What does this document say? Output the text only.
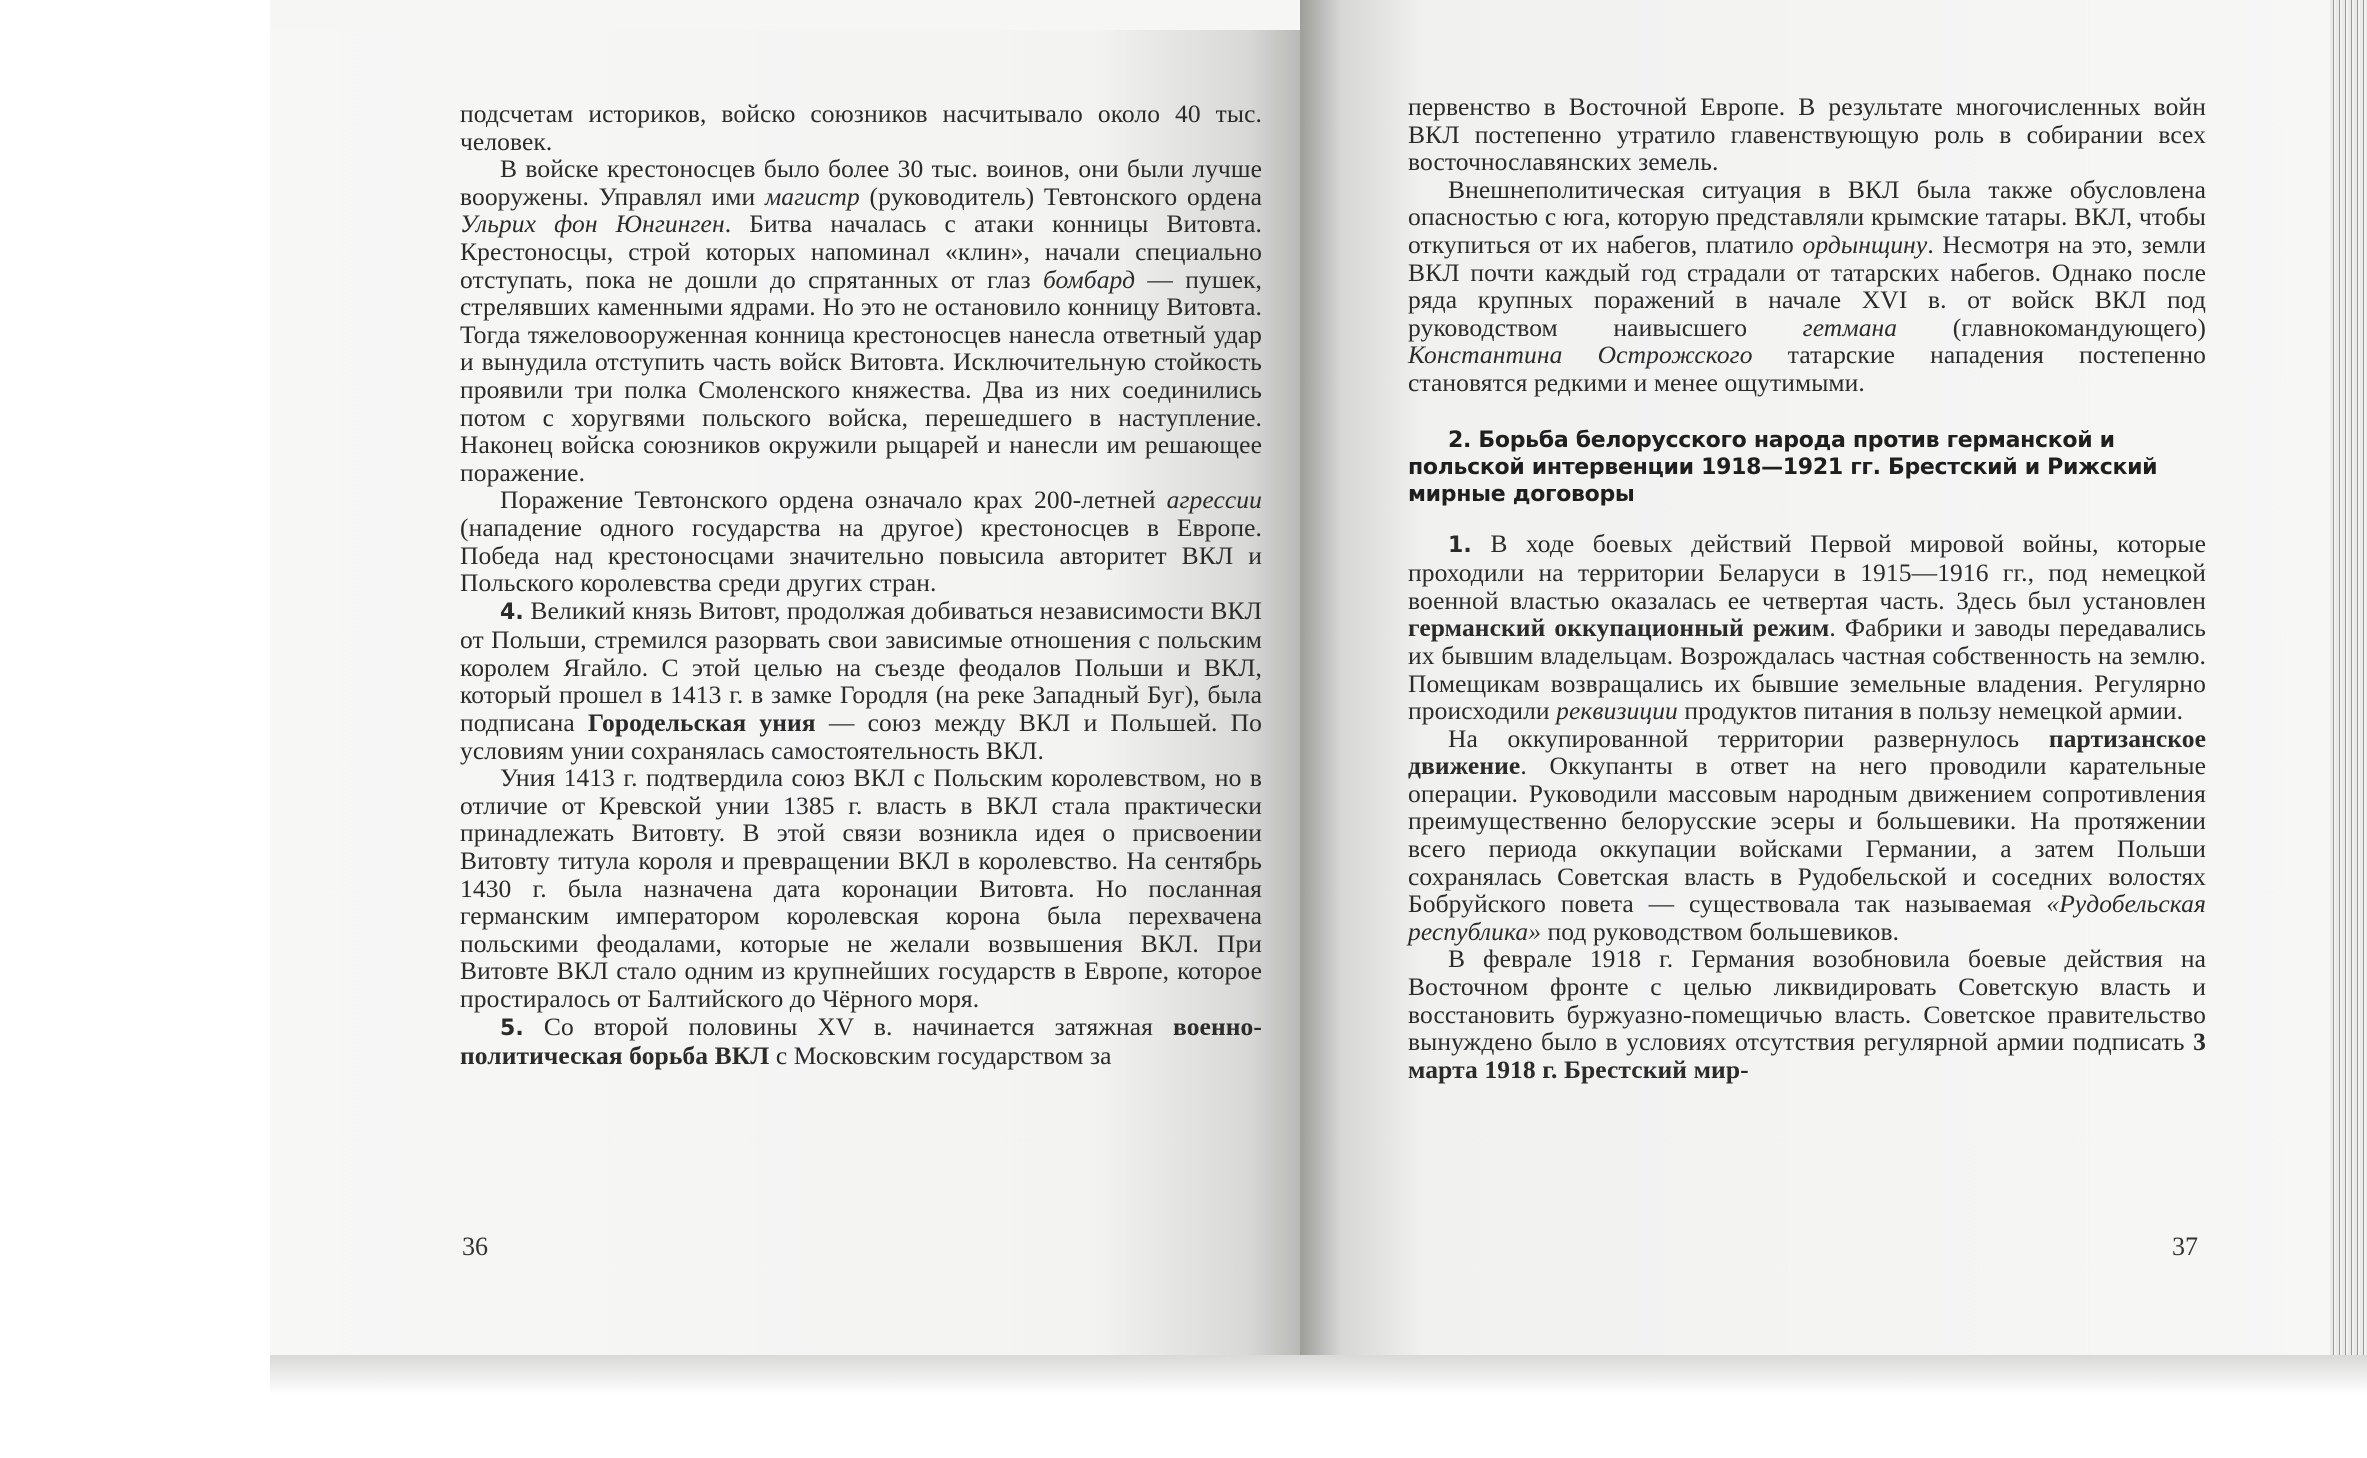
подсчетам историков, войско союзников насчитывало около 40 тыс. человек.

В войске крестоносцев было более 30 тыс. воинов, они были лучше вооружены. Управлял ими магистр (руководитель) Тевтонского ордена Ульрих фон Юнгинген. Битва началась с атаки конницы Витовта. Крестоносцы, строй которых напоминал «клин», начали специально отступать, пока не дошли до спрятанных от глаз бомбард — пушек, стрелявших каменными ядрами. Но это не остановило конницу Витовта. Тогда тяжеловооруженная конница крестоносцев нанесла ответный удар и вынудила отступить часть войск Витовта. Исключительную стойкость проявили три полка Смоленского княжества. Два из них соединились потом с хоругвями польского войска, перешедшего в наступление. Наконец войска союзников окружили рыцарей и нанесли им решающее поражение.

Поражение Тевтонского ордена означало крах 200-летней агрессии (нападение одного государства на другое) крестоносцев в Европе. Победа над крестоносцами значительно повысила авторитет ВКЛ и Польского королевства среди других стран.

4. Великий князь Витовт, продолжая добиваться независимости ВКЛ от Польши, стремился разорвать свои зависимые отношения с польским королем Ягайло. С этой целью на съезде феодалов Польши и ВКЛ, который прошел в 1413 г. в замке Городля (на реке Западный Буг), была подписана Городельская уния — союз между ВКЛ и Польшей. По условиям унии сохранялась самостоятельность ВКЛ.

Уния 1413 г. подтвердила союз ВКЛ с Польским королевством, но в отличие от Кревской унии 1385 г. власть в ВКЛ стала практически принадлежать Витовту. В этой связи возникла идея о присвоении Витовту титула короля и превращении ВКЛ в королевство. На сентябрь 1430 г. была назначена дата коронации Витовта. Но посланная германским императором королевская корона была перехвачена польскими феодалами, которые не желали возвышения ВКЛ. При Витовте ВКЛ стало одним из крупнейших государств в Европе, которое простиралось от Балтийского до Чёрного моря.

5. Со второй половины XV в. начинается затяжная военно-политическая борьба ВКЛ с Московским государством за

первенство в Восточной Европе. В результате многочисленных войн ВКЛ постепенно утратило главенствующую роль в собирании всех восточнославянских земель.

Внешнеполитическая ситуация в ВКЛ была также обусловлена опасностью с юга, которую представляли крымские татары. ВКЛ, чтобы откупиться от их набегов, платило ордынщину. Несмотря на это, земли ВКЛ почти каждый год страдали от татарских набегов. Однако после ряда крупных поражений в начале XVI в. от войск ВКЛ под руководством наивысшего гетмана (главнокомандующего) Константина Острожского татарские нападения постепенно становятся редкими и менее ощутимыми.

2. Борьба белорусского народа против германской и польской интервенции 1918—1921 гг. Брестский и Рижский мирные договоры

1. В ходе боевых действий Первой мировой войны, которые проходили на территории Беларуси в 1915—1916 гг., под немецкой военной властью оказалась ее четвертая часть. Здесь был установлен германский оккупационный режим. Фабрики и заводы передавались их бывшим владельцам. Возрождалась частная собственность на землю. Помещикам возвращались их бывшие земельные владения. Регулярно происходили реквизиции продуктов питания в пользу немецкой армии.

На оккупированной территории развернулось партизанское движение. Оккупанты в ответ на него проводили карательные операции. Руководили массовым народным движением сопротивления преимущественно белорусские эсеры и большевики. На протяжении всего периода оккупации войсками Германии, а затем Польши сохранялась Советская власть в Рудобельской и соседних волостях Бобруйского повета — существовала так называемая «Рудобельская республика» под руководством большевиков.

В феврале 1918 г. Германия возобновила боевые действия на Восточном фронте с целью ликвидировать Советскую власть и восстановить буржуазно-помещичью власть. Советское правительство вынуждено было в условиях отсутствия регулярной армии подписать 3 марта 1918 г. Брестский мир-

36	37
